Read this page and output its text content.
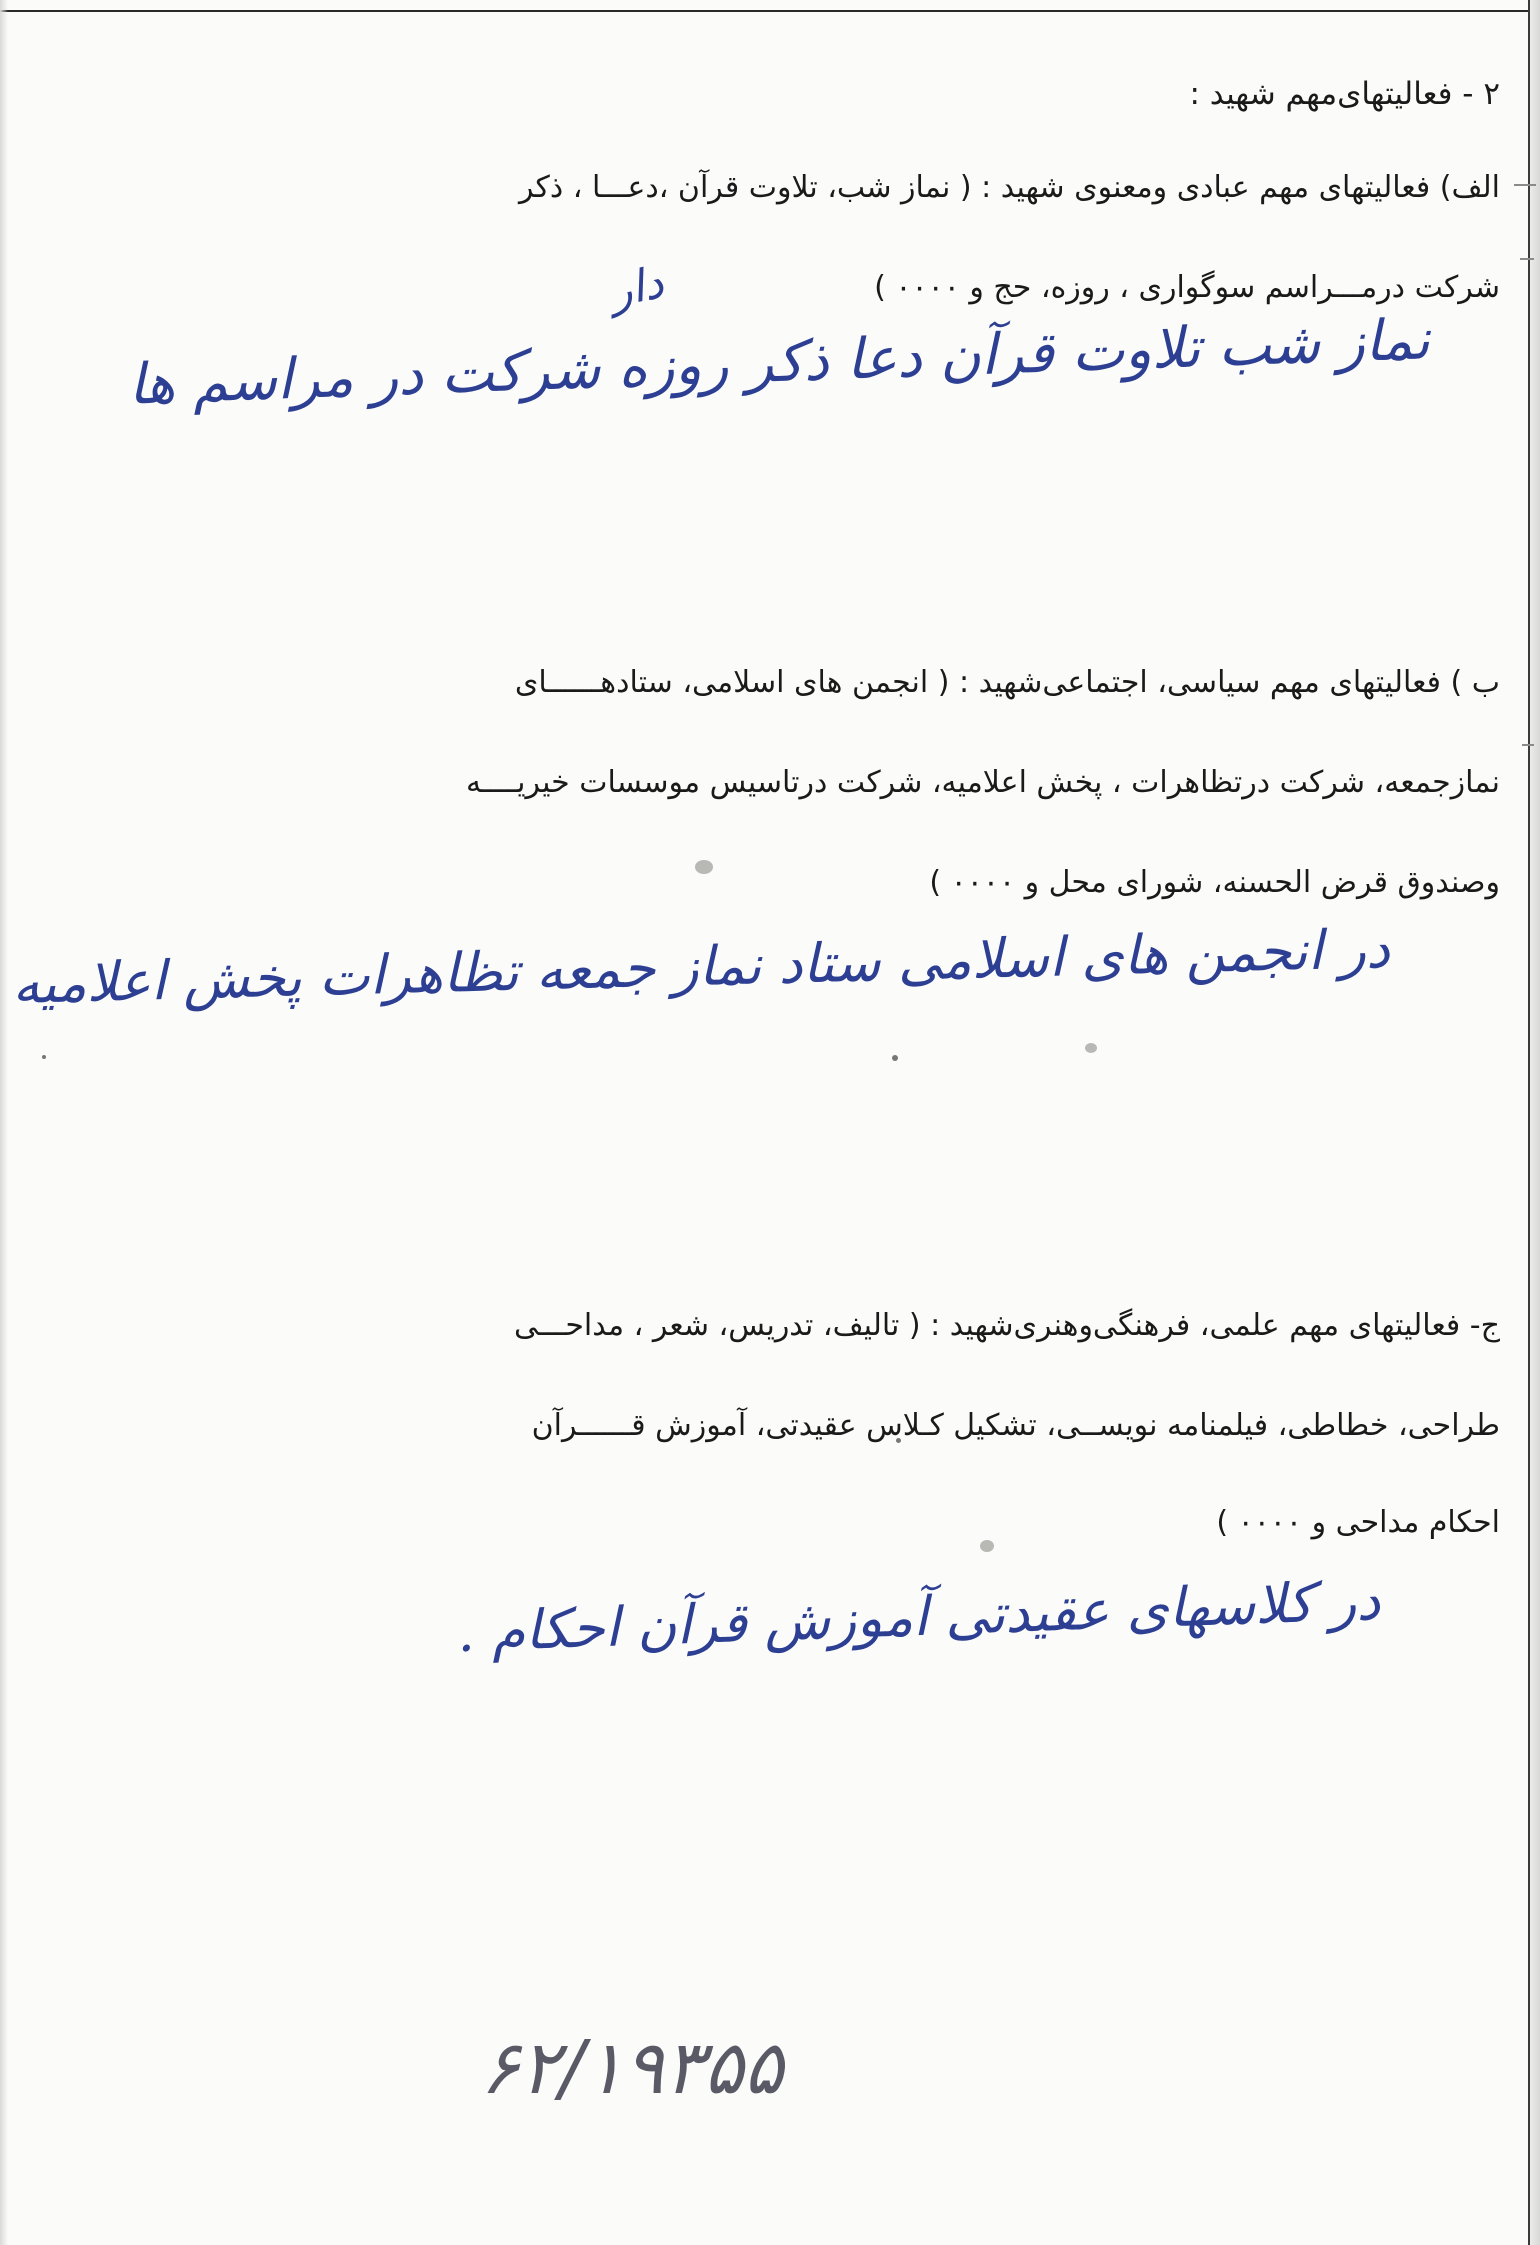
۲ - فعالیتهای‌مهم شهید :
الف) فعالیتهای مهم عبادی ومعنوی شهید : ( نماز شب، تلاوت قرآن ،دعـــا ، ذکر
شرکت درمـــراسم سوگواری ، روزه، حج و ۰۰۰۰ )
دار
نماز شب تلاوت قرآن دعا ذکر روزه شرکت در مراسم ها
ب ) فعالیتهای مهم سیاسی، اجتماعی‌شهید : ( انجمن های اسلامی، ستادهــــــای
نمازجمعه، شرکت درتظاهرات ، پخش اعلامیه، شرکت درتاسیس موسسات خیریــــه
وصندوق قرض الحسنه، شورای محل و ۰۰۰۰ )
در انجمن های اسلامی ستاد نماز جمعه تظاهرات پخش اعلامیه
ج- فعالیتهای مهم علمی، فرهنگی‌وهنری‌شهید : ( تالیف، تدریس، شعر ، مداحـــی
طراحی، خطاطی، فیلمنامه نویســی، تشکیل کـلاس عقیدتی، آموزش قــــــرآن
احکام مداحی و ۰۰۰۰ )
در کلاسهای عقیدتی آموزش قرآن احکام .
۶۲/۱۹۳۵۵
